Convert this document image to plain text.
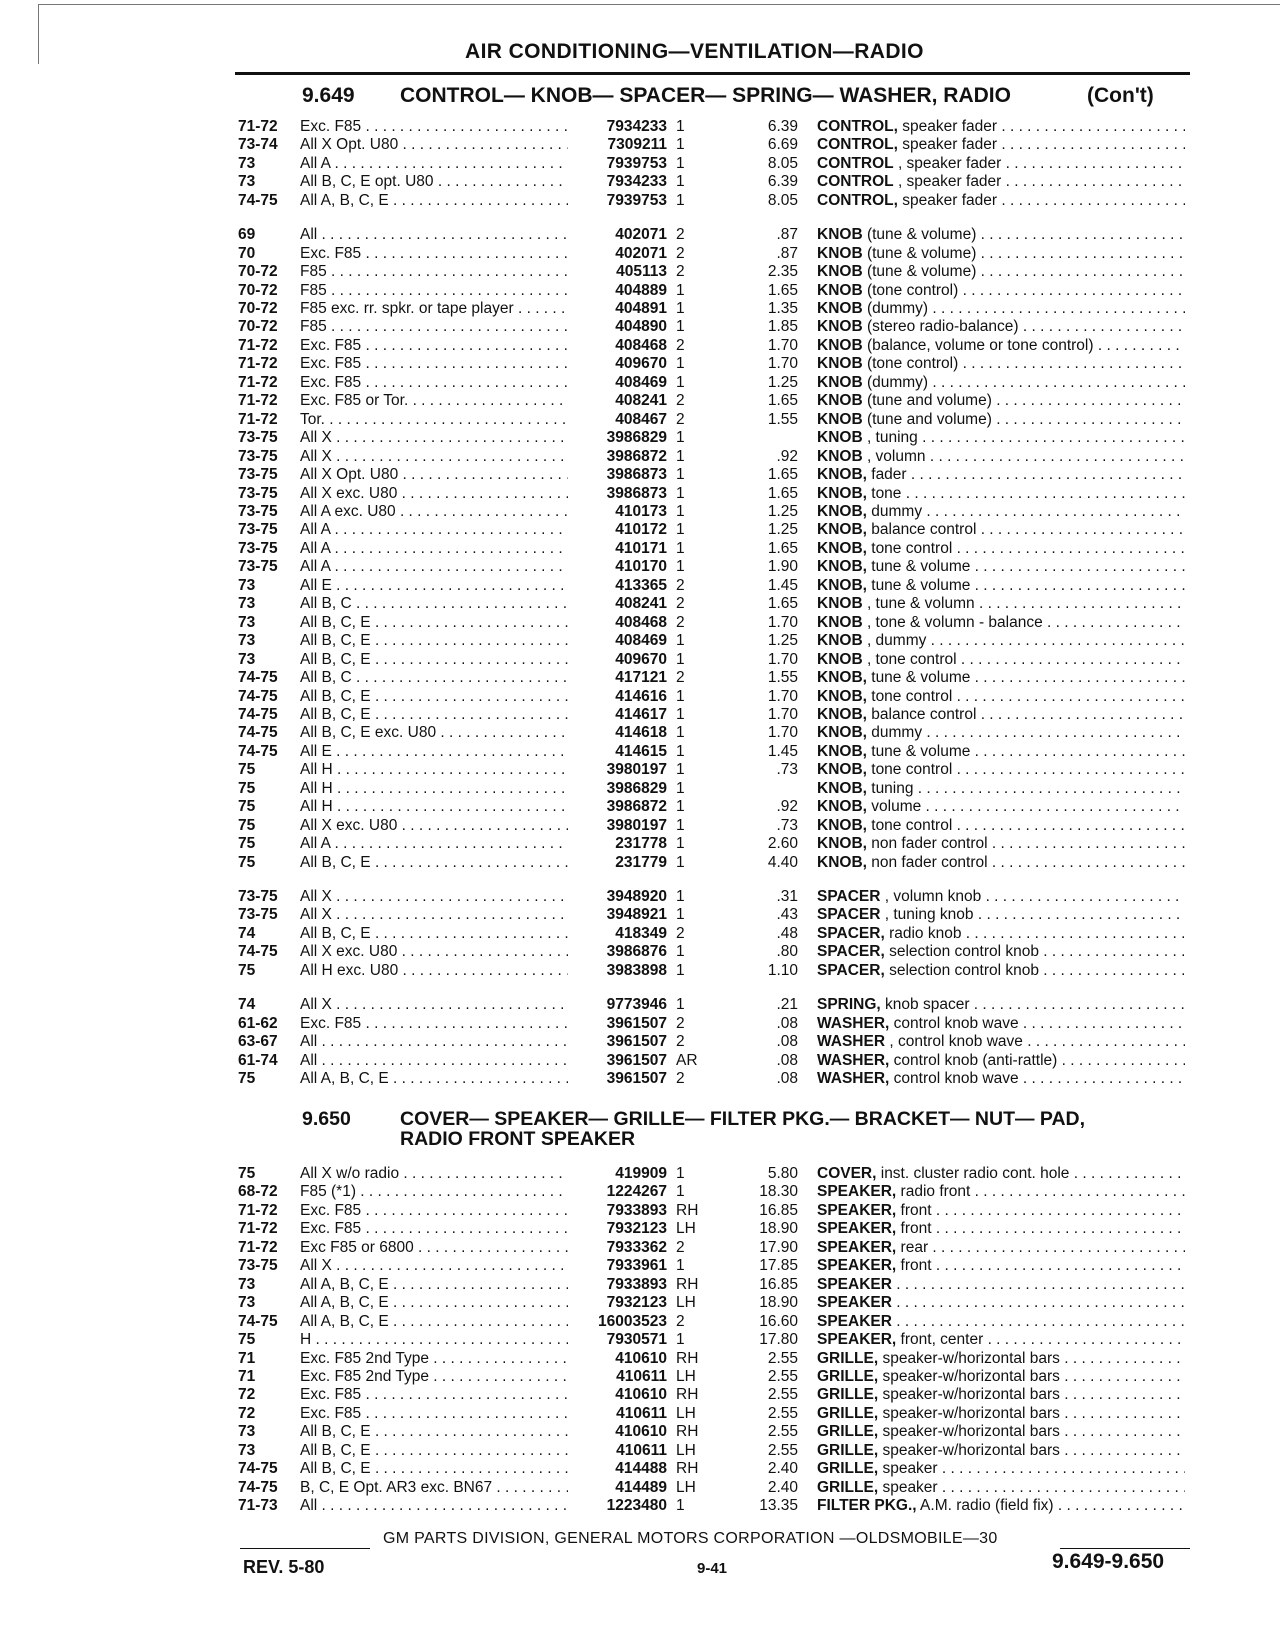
AIR CONDITIONING—VENTILATION—RADIO
9.649 CONTROL— KNOB— SPACER— SPRING— WASHER, RADIO	(Con't)
9.650	COVER— SPEAKER— GRILLE— FILTER PKG.— BRACKET— NUT— PAD,
RADIO FRONT SPEAKER
71-72	Exc. F85 . . .	7934233 1	6.39 CONTROL, speaker fader . . .
73-74	All X Opt. U80 . . .	7309211 1	6.69 CONTROL, speaker fader . . .
73	All A . . .	7939753 1	8.05 CONTROL , speaker fader . . .
73	All B, C, E opt. U80 . . .	7934233 1	6.39 CONTROL , speaker fader . . .
74-75	All A, B, C, E . . .	7939753 1	8.05 CONTROL, speaker fader . . .
69	All . . .	402071 2	.87 KNOB (tune & volume) . . .
70	Exc. F85 . . .	402071 2	.87 KNOB (tune & volume) . . .
70-72	F85 . . .	405113 2	2.35 KNOB (tune & volume) . . .
70-72	F85 . . .	404889 1	1.65 KNOB (tone control) . . .
70-72	F85 exc. rr. spkr. or tape player . . .	404891 1	1.35 KNOB (dummy) . . .
70-72	F85 . . .	404890 1	1.85 KNOB (stereo radio-balance) . . .
71-72	Exc. F85 . . .	408468 2	1.70 KNOB (balance, volume or tone control) . . .
71-72	Exc. F85 . . .	409670 1	1.70 KNOB (tone control) . . .
71-72	Exc. F85 . . .	408469 1	1.25 KNOB (dummy) . . .
71-72	Exc. F85 or Tor. . . .	408241 2	1.65 KNOB (tune and volume) . . .
71-72	Tor. . . .	408467 2	1.55 KNOB (tune and volume) . . .
73-75	All X . . .	3986829 1	KNOB , tuning . . .
73-75	All X . . .	3986872 1	.92 KNOB , volumn . . .
73-75	All X Opt. U80 . . .	3986873 1	1.65 KNOB, fader . . .
73-75	All X exc. U80 . . .	3986873 1	1.65 KNOB, tone . . .
73-75	All A exc. U80 . . .	410173 1	1.25 KNOB, dummy . . .
73-75	All A . . .	410172 1	1.25 KNOB, balance control . . .
73-75	All A . . .	410171 1	1.65 KNOB, tone control . . .
73-75	All A . . .	410170 1	1.90 KNOB, tune & volume . . .
73	All E . . .	413365 2	1.45 KNOB, tune & volume . . .
73	All B, C . . .	408241 2	1.65 KNOB , tune & volumn . . .
73	All B, C, E . . .	408468 2	1.70 KNOB , tone & volumn - balance . . .
73	All B, C, E . . .	408469 1	1.25 KNOB , dummy . . .
73	All B, C, E . . .	409670 1	1.70 KNOB , tone control . . .
74-75	All B, C . . .	417121 2	1.55 KNOB, tune & volume . . .
74-75	All B, C, E . . .	414616 1	1.70 KNOB, tone control . . .
74-75	All B, C, E . . .	414617 1	1.70 KNOB, balance control . . .
74-75	All B, C, E exc. U80 . . .	414618 1	1.70 KNOB, dummy . . .
74-75	All E . . .	414615 1	1.45 KNOB, tune & volume . . .
75	All H . . .	3980197 1	.73 KNOB, tone control . . .
75	All H . . .	3986829 1	KNOB, tuning . . .
75	All H . . .	3986872 1	.92 KNOB, volume . . .
75	All X exc. U80 . . .	3980197 1	.73 KNOB, tone control . . .
75	All A . . .	231778 1	2.60 KNOB, non fader control . . .
75	All B, C, E . . .	231779 1	4.40 KNOB, non fader control . . .
73-75	All X . . .	3948920 1	.31 SPACER , volumn knob . . .
73-75	All X . . .	3948921 1	.43 SPACER , tuning knob . . .
74	All B, C, E . . .	418349 2	.48 SPACER, radio knob . . .
74-75	All X exc. U80 . . .	3986876 1	.80 SPACER, selection control knob . . .
75	All H exc. U80 . . .	3983898 1	1.10 SPACER, selection control knob . . .
74	All X . . .	9773946 1	.21 SPRING, knob spacer . . .
61-62	Exc. F85 . . .	3961507 2	.08 WASHER, control knob wave . . .
63-67	All . . .	3961507 2	.08 WASHER , control knob wave . . .
61-74	All . . .	3961507 AR	.08 WASHER, control knob (anti-rattle) . . .
75	All A, B, C, E . . .	3961507 2	.08 WASHER, control knob wave . . .
75	All X w/o radio . . .	419909 1	5.80 COVER, inst. cluster radio cont. hole . . .
68-72	F85 (*1) . . .	1224267 1	18.30 SPEAKER, radio front . . .
71-72	Exc. F85 . . .	7933893 RH	16.85 SPEAKER, front . . .
71-72	Exc. F85 . . .	7932123 LH	18.90 SPEAKER, front . . .
71-72	Exc F85 or 6800 . . .	7933362 2	17.90 SPEAKER, rear . . .
73-75	All X . . .	7933961 1	17.85 SPEAKER, front . . .
73	All A, B, C, E . . .	7933893 RH	16.85 SPEAKER . . .
73	All A, B, C, E . . .	7932123 LH	18.90 SPEAKER . . .
74-75	All A, B, C, E . . .	16003523 2	16.60 SPEAKER . . .
75	H . . .	7930571 1	17.80 SPEAKER, front, center . . .
71	Exc. F85 2nd Type . . .	410610 RH	2.55 GRILLE, speaker-w/horizontal bars . . .
71	Exc. F85 2nd Type . . .	410611 LH	2.55 GRILLE, speaker-w/horizontal bars . . .
72	Exc. F85 . . .	410610 RH	2.55 GRILLE, speaker-w/horizontal bars . . .
72	Exc. F85 . . .	410611 LH	2.55 GRILLE, speaker-w/horizontal bars . . .
73	All B, C, E . . .	410610 RH	2.55 GRILLE, speaker-w/horizontal bars . . .
73	All B, C, E . . .	410611 LH	2.55 GRILLE, speaker-w/horizontal bars . . .
74-75	All B, C, E . . .	414488 RH	2.40 GRILLE, speaker . . .
74-75	B, C, E Opt. AR3 exc. BN67 . . .	414489 LH	2.40 GRILLE, speaker . . .
71-73	All . . .	1223480 1	13.35 FILTER PKG., A.M. radio (field fix) . . .
GM PARTS DIVISION, GENERAL MOTORS CORPORATION —OLDSMOBILE—30
REV. 5-80	9-41	9.649-9.650
